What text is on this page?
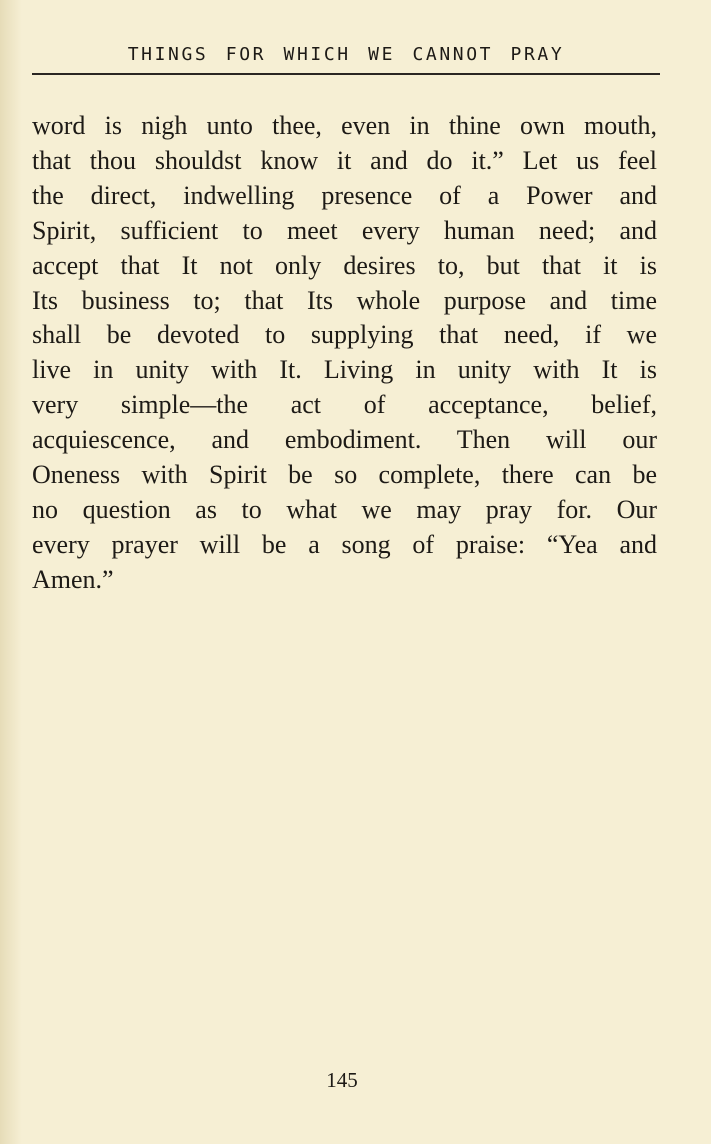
THINGS FOR WHICH WE CANNOT PRAY
word is nigh unto thee, even in thine own mouth,
that thou shouldst know it and do it.” Let us feel
the direct, indwelling presence of a Power and
Spirit, sufficient to meet every human need; and
accept that It not only desires to, but that it is
Its business to; that Its whole purpose and time
shall be devoted to supplying that need, if we
live in unity with It. Living in unity with It is
very simple—the act of acceptance, belief,
acquiescence, and embodiment. Then will our
Oneness with Spirit be so complete, there can be
no question as to what we may pray for. Our
every prayer will be a song of praise: “Yea and
Amen.”
145
